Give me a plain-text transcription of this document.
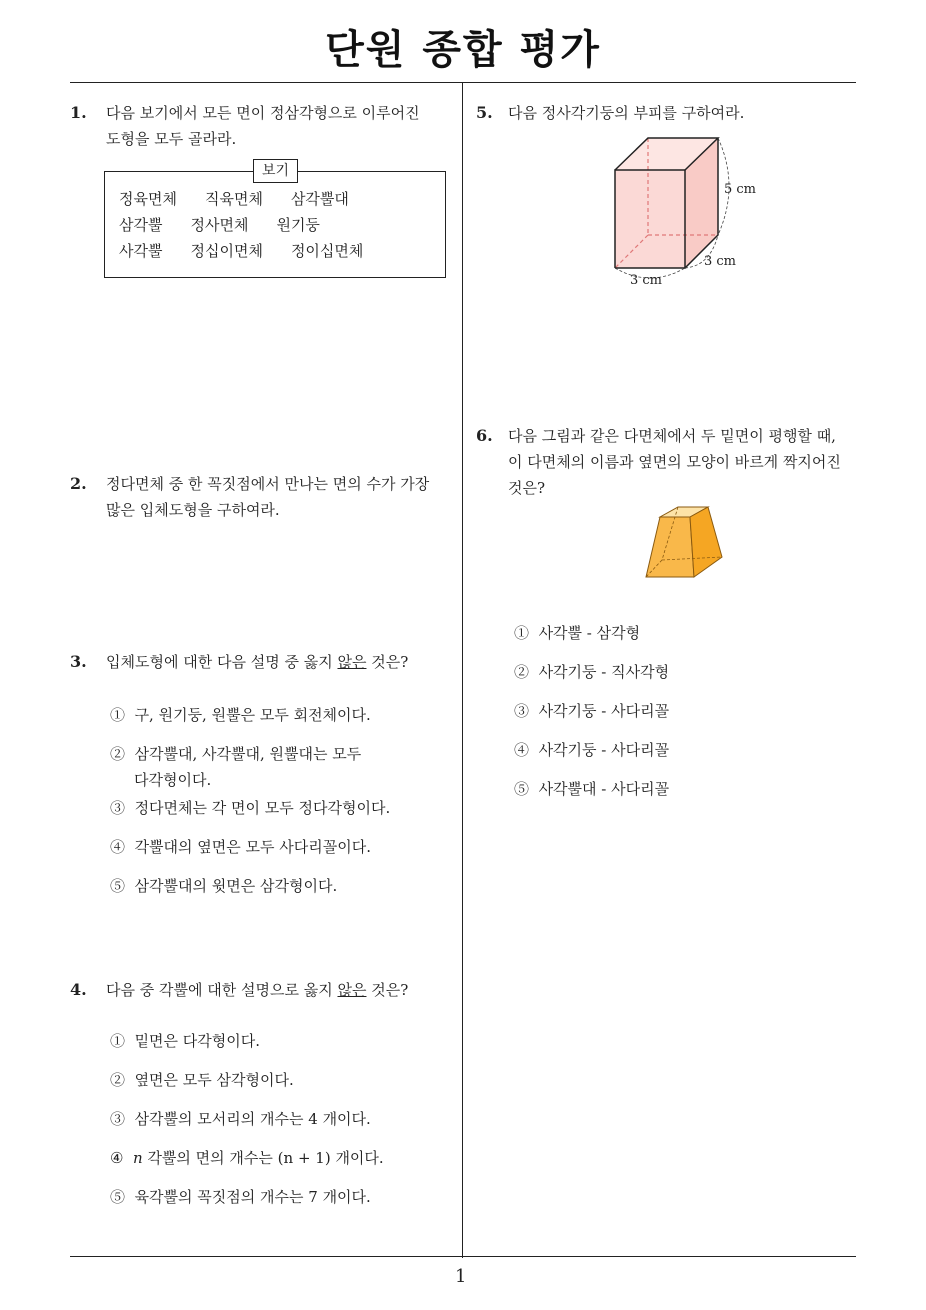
단원 종합 평가
1
1. 다음 보기에서 모든 면이 정삼각형으로 이루어진
도형을 모두 골라라.
정육면체 직육면체 삼각뿔대
삼각뿔 정사면체 원기둥
사각뿔 정십이면체 정이십면체
보기
2. 정다면체 중 한 꼭짓점에서 만나는 면의 수가 가장
많은 입체도형을 구하여라.
3. 입체도형에 대한 다음 설명 중 옳지 않은 것은?
① 구, 원기둥, 원뿔은 모두 회전체이다.
② 삼각뿔대, 사각뿔대, 원뿔대는 모두
다각형이다.
③ 정다면체는 각 면이 모두 정다각형이다.
④ 각뿔대의 옆면은 모두 사다리꼴이다.
⑤ 삼각뿔대의 윗면은 삼각형이다.
4. 다음 중 각뿔에 대한 설명으로 옳지 않은 것은?
① 밑면은 다각형이다.
② 옆면은 모두 삼각형이다.
③ 삼각뿔의 모서리의 개수는 4 개이다.
④ n 각뿔의 면의 개수는 (n + 1) 개이다.
⑤ 육각뿔의 꼭짓점의 개수는 7 개이다.
5. 다음 정사각기둥의 부피를 구하여라.
5 cm
3 cm
3 cm
6. 다음 그림과 같은 다면체에서 두 밑면이 평행할 때,
이 다면체의 이름과 옆면의 모양이 바르게 짝지어진
것은?
① 사각뿔 - 삼각형
② 사각기둥 - 직사각형
③ 사각기둥 - 사다리꼴
④ 사각기둥 - 사다리꼴
⑤ 사각뿔대 - 사다리꼴
